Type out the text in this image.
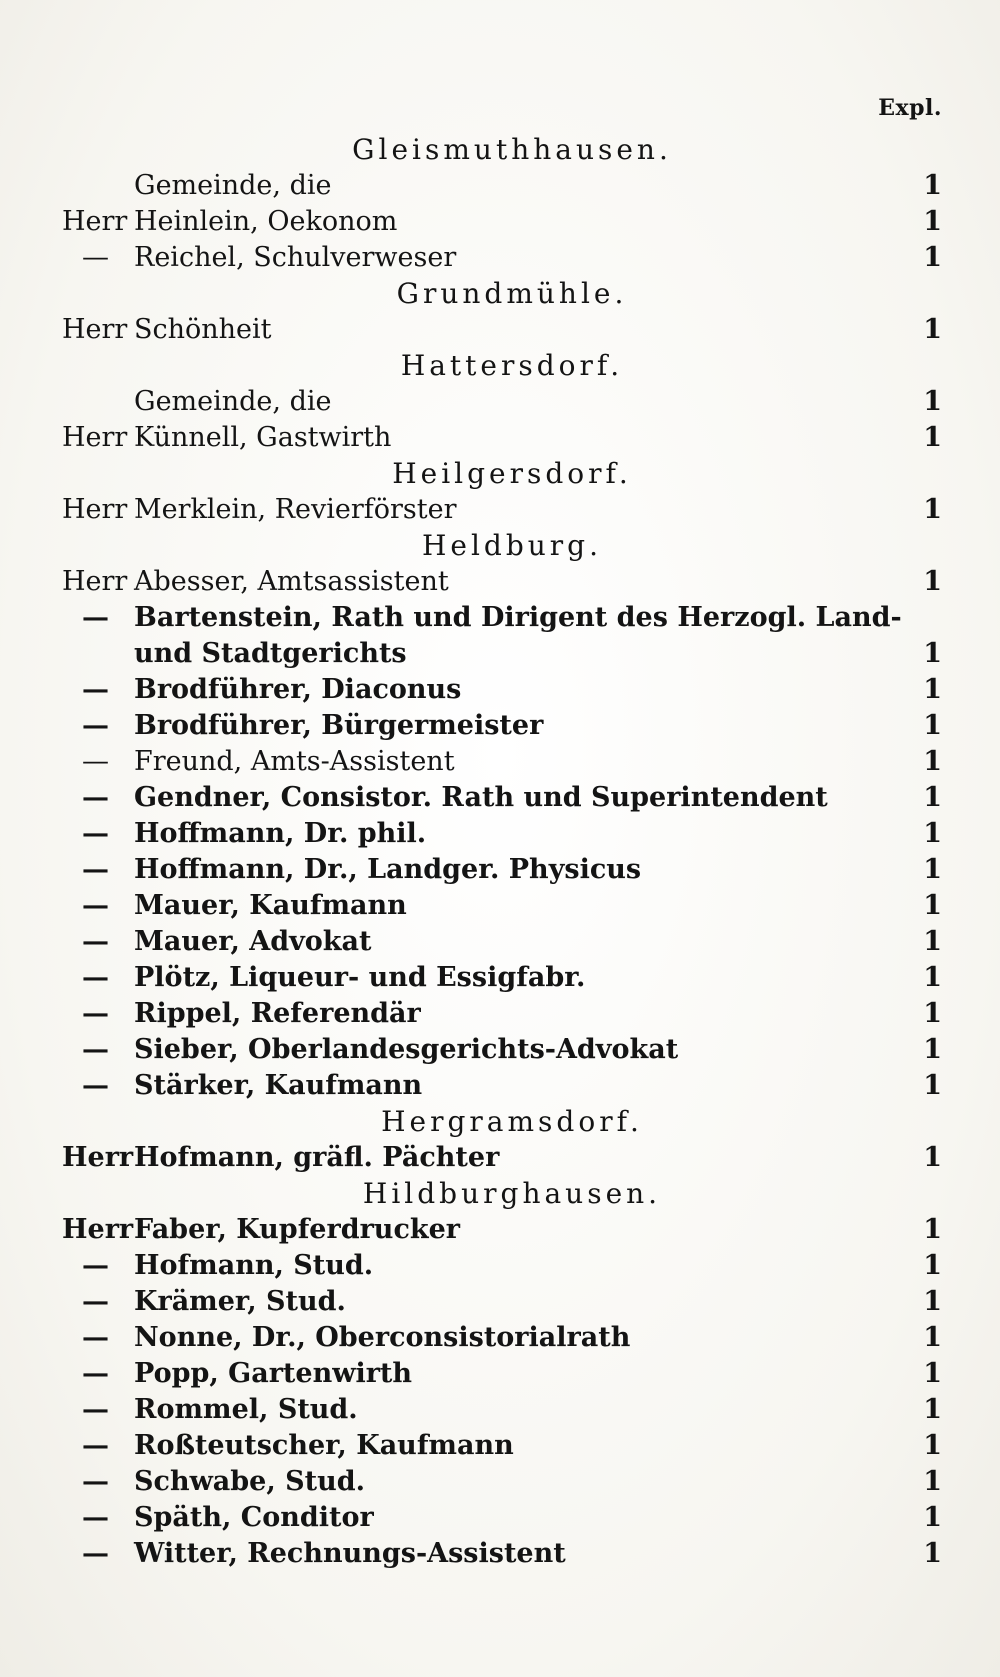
Expl.
Gleismuthhausen.
Gemeinde, die	1
Herr Heinlein, Oekonom	1
— Reichel, Schulverweser	1
Grundmühle.
Herr Schönheit	1
Hattersdorf.
Gemeinde, die	1
Herr Künnell, Gastwirth	1
Heilgersdorf.
Herr Merklein, Revierförster	1
Heldburg.
Herr Abesser, Amtsassistent	1
— Bartenstein, Rath und Dirigent des Herzogl. Land-
und Stadtgerichts	1
— Brodführer, Diaconus	1
— Brodführer, Bürgermeister	1
— Freund, Amts-Assistent	1
— Gendner, Consistor. Rath und Superintendent	1
— Hoffmann, Dr. phil.	1
— Hoffmann, Dr., Landger. Physicus	1
— Mauer, Kaufmann	1
— Mauer, Advokat	1
— Plötz, Liqueur- und Essigfabr.	1
— Rippel, Referendär	1
— Sieber, Oberlandesgerichts-Advokat	1
— Stärker, Kaufmann	1
Hergramsdorf.
HerrHofmann, gräfl. Pächter	1
Hildburghausen.
HerrFaber, Kupferdrucker	1
— Hofmann, Stud.	1
— Krämer, Stud.	1
— Nonne, Dr., Oberconsistorialrath	1
— Popp, Gartenwirth	1
— Rommel, Stud.	1
— Roßteutscher, Kaufmann	1
— Schwabe, Stud.	1
— Späth, Conditor	1
— Witter, Rechnungs-Assistent	1
